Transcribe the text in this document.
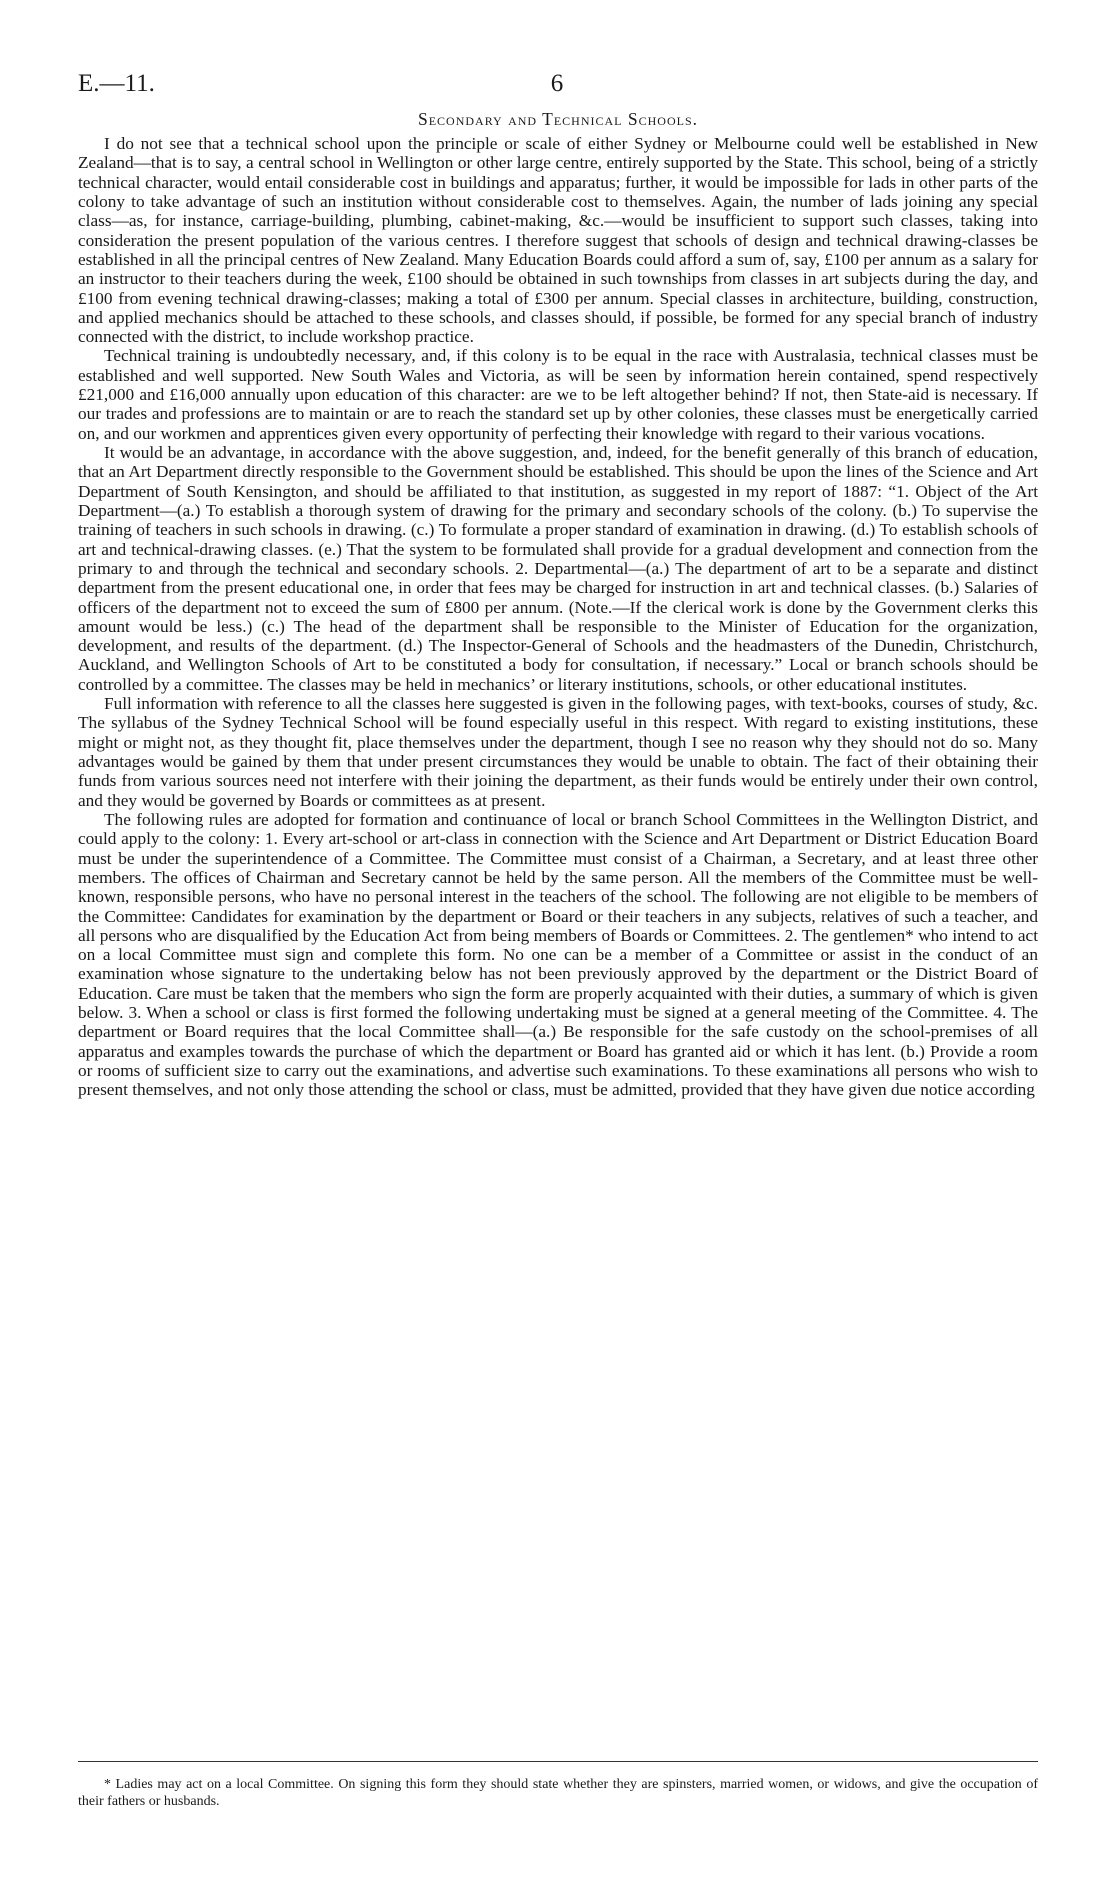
E.—11.	6
Secondary and Technical Schools.

I do not see that a technical school upon the principle or scale of either Sydney or Melbourne could well be established in New Zealand—that is to say, a central school in Wellington or other large centre, entirely supported by the State. This school, being of a strictly technical character, would entail considerable cost in buildings and apparatus; further, it would be impossible for lads in other parts of the colony to take advantage of such an institution without considerable cost to themselves. Again, the number of lads joining any special class—as, for instance, carriage-building, plumbing, cabinet-making, &c.—would be insufficient to support such classes, taking into consideration the present population of the various centres. I therefore suggest that schools of design and technical drawing-classes be established in all the principal centres of New Zealand. Many Education Boards could afford a sum of, say, £100 per annum as a salary for an instructor to their teachers during the week, £100 should be obtained in such townships from classes in art subjects during the day, and £100 from evening technical drawing-classes; making a total of £300 per annum. Special classes in architecture, building, construction, and applied mechanics should be attached to these schools, and classes should, if possible, be formed for any special branch of industry connected with the district, to include workshop practice.

Technical training is undoubtedly necessary, and, if this colony is to be equal in the race with Australasia, technical classes must be established and well supported. New South Wales and Victoria, as will be seen by information herein contained, spend respectively £21,000 and £16,000 annually upon education of this character: are we to be left altogether behind? If not, then State-aid is necessary. If our trades and professions are to maintain or are to reach the standard set up by other colonies, these classes must be energetically carried on, and our workmen and apprentices given every opportunity of perfecting their knowledge with regard to their various vocations.

It would be an advantage, in accordance with the above suggestion, and, indeed, for the benefit generally of this branch of education, that an Art Department directly responsible to the Government should be established. This should be upon the lines of the Science and Art Department of South Kensington, and should be affiliated to that institution, as suggested in my report of 1887: “1. Object of the Art Department—(a.) To establish a thorough system of drawing for the primary and secondary schools of the colony. (b.) To supervise the training of teachers in such schools in drawing. (c.) To formulate a proper standard of examination in drawing. (d.) To establish schools of art and technical-drawing classes. (e.) That the system to be formulated shall provide for a gradual development and connection from the primary to and through the technical and secondary schools. 2. Departmental—(a.) The department of art to be a separate and distinct department from the present educational one, in order that fees may be charged for instruction in art and technical classes. (b.) Salaries of officers of the department not to exceed the sum of £800 per annum. (Note.—If the clerical work is done by the Government clerks this amount would be less.) (c.) The head of the department shall be responsible to the Minister of Education for the organization, development, and results of the department. (d.) The Inspector-General of Schools and the headmasters of the Dunedin, Christchurch, Auckland, and Wellington Schools of Art to be constituted a body for consultation, if necessary.” Local or branch schools should be controlled by a committee. The classes may be held in mechanics’ or literary institutions, schools, or other educational institutes.

Full information with reference to all the classes here suggested is given in the following pages, with text-books, courses of study, &c. The syllabus of the Sydney Technical School will be found especially useful in this respect. With regard to existing institutions, these might or might not, as they thought fit, place themselves under the department, though I see no reason why they should not do so. Many advantages would be gained by them that under present circumstances they would be unable to obtain. The fact of their obtaining their funds from various sources need not interfere with their joining the department, as their funds would be entirely under their own control, and they would be governed by Boards or committees as at present.

The following rules are adopted for formation and continuance of local or branch School Committees in the Wellington District, and could apply to the colony: 1. Every art-school or art-class in connection with the Science and Art Department or District Education Board must be under the superintendence of a Committee. The Committee must consist of a Chairman, a Secretary, and at least three other members. The offices of Chairman and Secretary cannot be held by the same person. All the members of the Committee must be well-known, responsible persons, who have no personal interest in the teachers of the school. The following are not eligible to be members of the Committee: Candidates for examination by the department or Board or their teachers in any subjects, relatives of such a teacher, and all persons who are disqualified by the Education Act from being members of Boards or Committees. 2. The gentlemen* who intend to act on a local Committee must sign and complete this form. No one can be a member of a Committee or assist in the conduct of an examination whose signature to the undertaking below has not been previously approved by the department or the District Board of Education. Care must be taken that the members who sign the form are properly acquainted with their duties, a summary of which is given below. 3. When a school or class is first formed the following undertaking must be signed at a general meeting of the Committee. 4. The department or Board requires that the local Committee shall—(a.) Be responsible for the safe custody on the school-premises of all apparatus and examples towards the purchase of which the department or Board has granted aid or which it has lent. (b.) Provide a room or rooms of sufficient size to carry out the examinations, and advertise such examinations. To these examinations all persons who wish to present themselves, and not only those attending the school or class, must be admitted, provided that they have given due notice according

* Ladies may act on a local Committee. On signing this form they should state whether they are spinsters, married women, or widows, and give the occupation of their fathers or husbands.
